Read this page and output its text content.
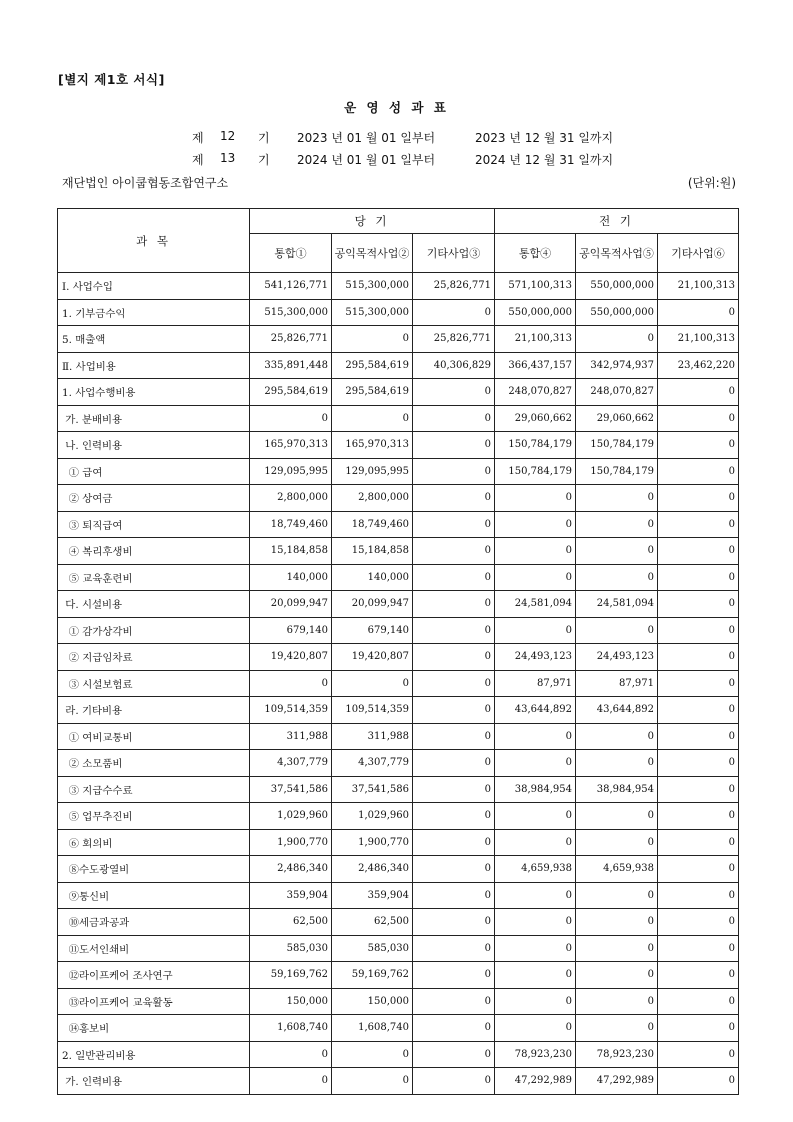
[별지 제1호 서식]
운 영 성 과 표
제 12 기 2023 년 01 월 01 일부터	2023 년 12 월 31 일까지
제 13 기 2024 년 01 월 01 일부터	2024 년 12 월 31 일까지
재단법인 아이쿱협동조합연구소	(단위:원)
과 목	당 기			전 기		
	통합①	공익목적사업②	기타사업③	통합④	공익목적사업⑤	기타사업⑥
Ⅰ. 사업수입	541,126,771	515,300,000	25,826,771	571,100,313	550,000,000	21,100,313
1. 기부금수익	515,300,000	515,300,000	0	550,000,000	550,000,000	0
5. 매출액	25,826,771	0	25,826,771	21,100,313	0	21,100,313
Ⅱ. 사업비용	335,891,448	295,584,619	40,306,829	366,437,157	342,974,937	23,462,220
1. 사업수행비용	295,584,619	295,584,619	0	248,070,827	248,070,827	0
가. 분배비용	0	0	0	29,060,662	29,060,662	0
나. 인력비용	165,970,313	165,970,313	0	150,784,179	150,784,179	0
① 급여	129,095,995	129,095,995	0	150,784,179	150,784,179	0
② 상여금	2,800,000	2,800,000	0	0	0	0
③ 퇴직급여	18,749,460	18,749,460	0	0	0	0
④ 복리후생비	15,184,858	15,184,858	0	0	0	0
⑤ 교육훈련비	140,000	140,000	0	0	0	0
다. 시설비용	20,099,947	20,099,947	0	24,581,094	24,581,094	0
① 감가상각비	679,140	679,140	0	0	0	0
② 지급임차료	19,420,807	19,420,807	0	24,493,123	24,493,123	0
③ 시설보험료	0	0	0	87,971	87,971	0
라. 기타비용	109,514,359	109,514,359	0	43,644,892	43,644,892	0
① 여비교통비	311,988	311,988	0	0	0	0
② 소모품비	4,307,779	4,307,779	0	0	0	0
③ 지급수수료	37,541,586	37,541,586	0	38,984,954	38,984,954	0
⑤ 업무추진비	1,029,960	1,029,960	0	0	0	0
⑥ 회의비	1,900,770	1,900,770	0	0	0	0
⑧수도광열비	2,486,340	2,486,340	0	4,659,938	4,659,938	0
⑨통신비	359,904	359,904	0	0	0	0
⑩세금과공과	62,500	62,500	0	0	0	0
⑪도서인쇄비	585,030	585,030	0	0	0	0
⑫라이프케어 조사연구	59,169,762	59,169,762	0	0	0	0
⑬라이프케어 교육활동	150,000	150,000	0	0	0	0
⑭홍보비	1,608,740	1,608,740	0	0	0	0
2. 일반관리비용	0	0	0	78,923,230	78,923,230	0
가. 인력비용	0	0	0	47,292,989	47,292,989	0
